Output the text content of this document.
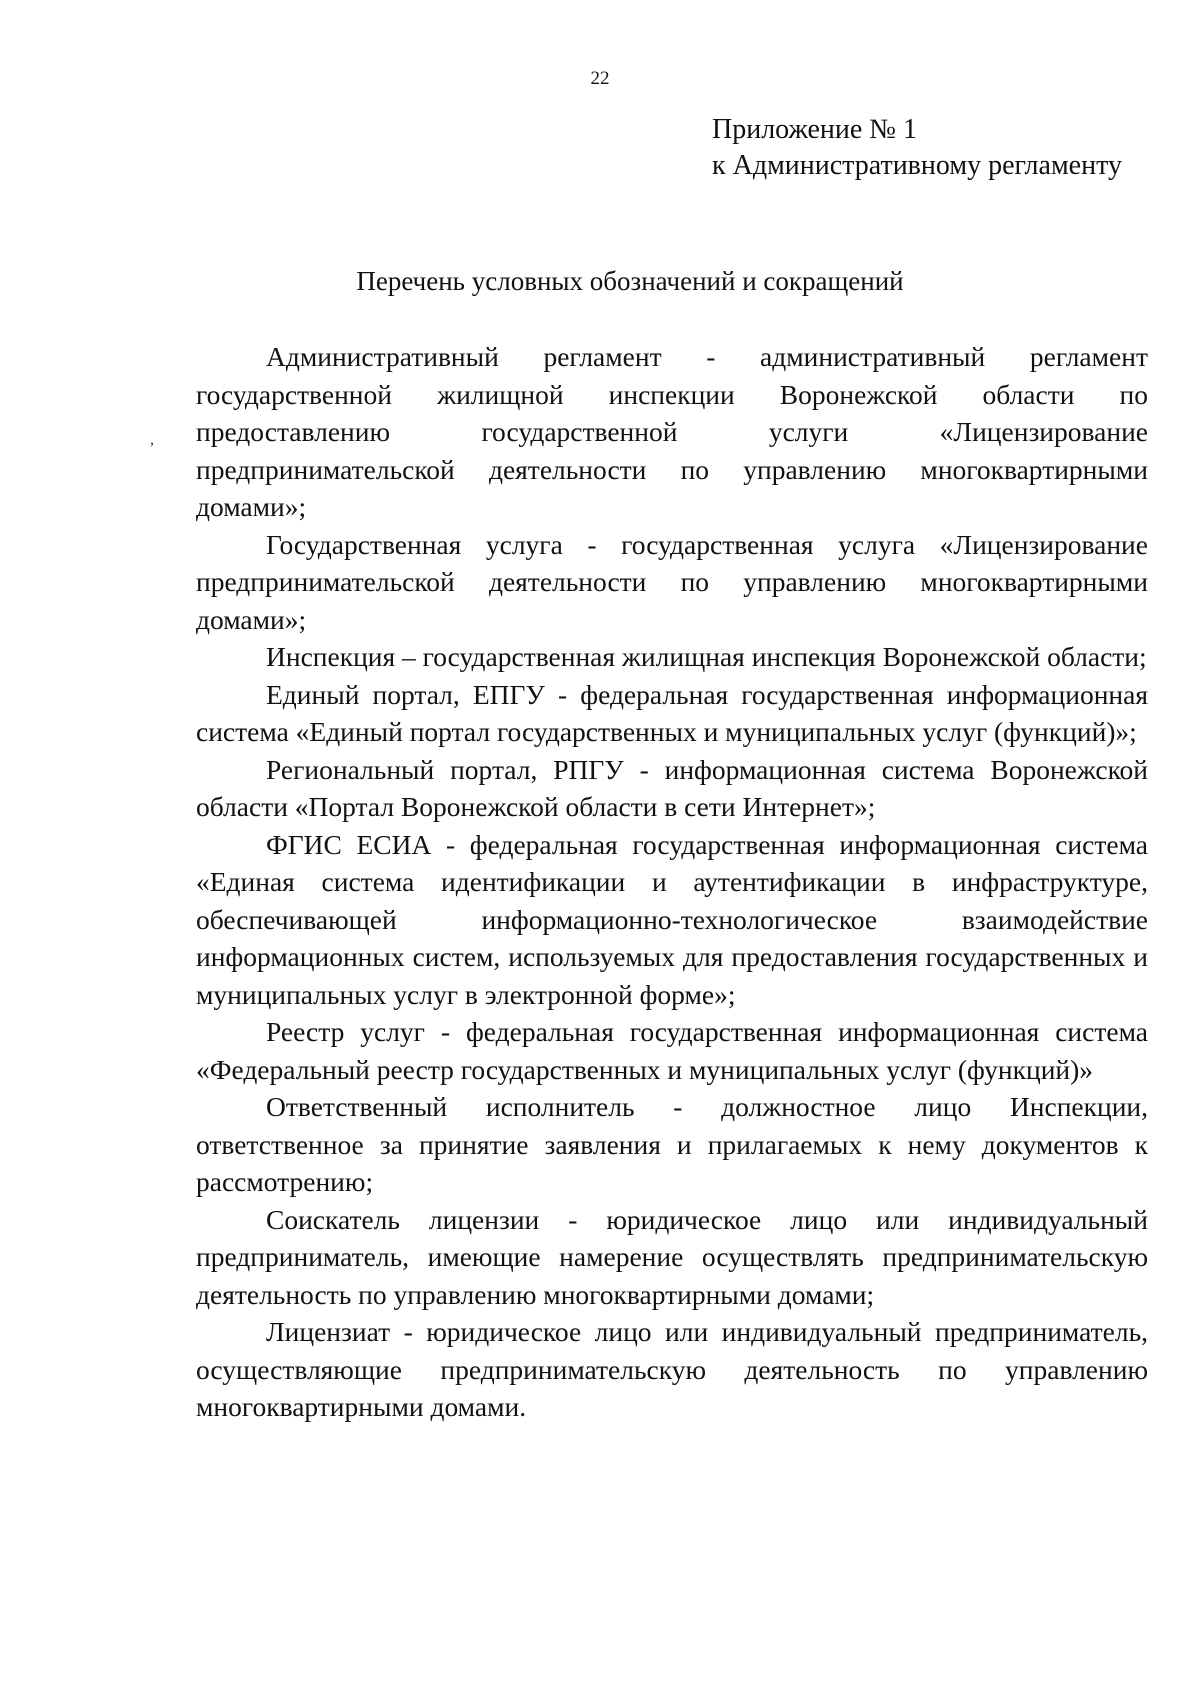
22
Приложение № 1
к Административному регламенту
Перечень условных обозначений и сокращений
,

Административный регламент - административный регламент государственной жилищной инспекции Воронежской области по предоставлению государственной услуги «Лицензирование предпринимательской деятельности по управлению многоквартирными домами»;

Государственная услуга - государственная услуга «Лицензирование предпринимательской деятельности по управлению многоквартирными домами»;

Инспекция – государственная жилищная инспекция Воронежской области;

Единый портал, ЕПГУ - федеральная государственная информационная система «Единый портал государственных и муниципальных услуг (функций)»;

Региональный портал, РПГУ - информационная система Воронежской области «Портал Воронежской области в сети Интернет»;

ФГИС ЕСИА - федеральная государственная информационная система «Единая система идентификации и аутентификации в инфраструктуре, обеспечивающей информационно-технологическое взаимодействие информационных систем, используемых для предоставления государственных и муниципальных услуг в электронной форме»;

Реестр услуг - федеральная государственная информационная система «Федеральный реестр государственных и муниципальных услуг (функций)»

Ответственный исполнитель - должностное лицо Инспекции, ответственное за принятие заявления и прилагаемых к нему документов к рассмотрению;

Соискатель лицензии - юридическое лицо или индивидуальный предприниматель, имеющие намерение осуществлять предпринимательскую деятельность по управлению многоквартирными домами;

Лицензиат - юридическое лицо или индивидуальный предприниматель, осуществляющие предпринимательскую деятельность по управлению многоквартирными домами.
